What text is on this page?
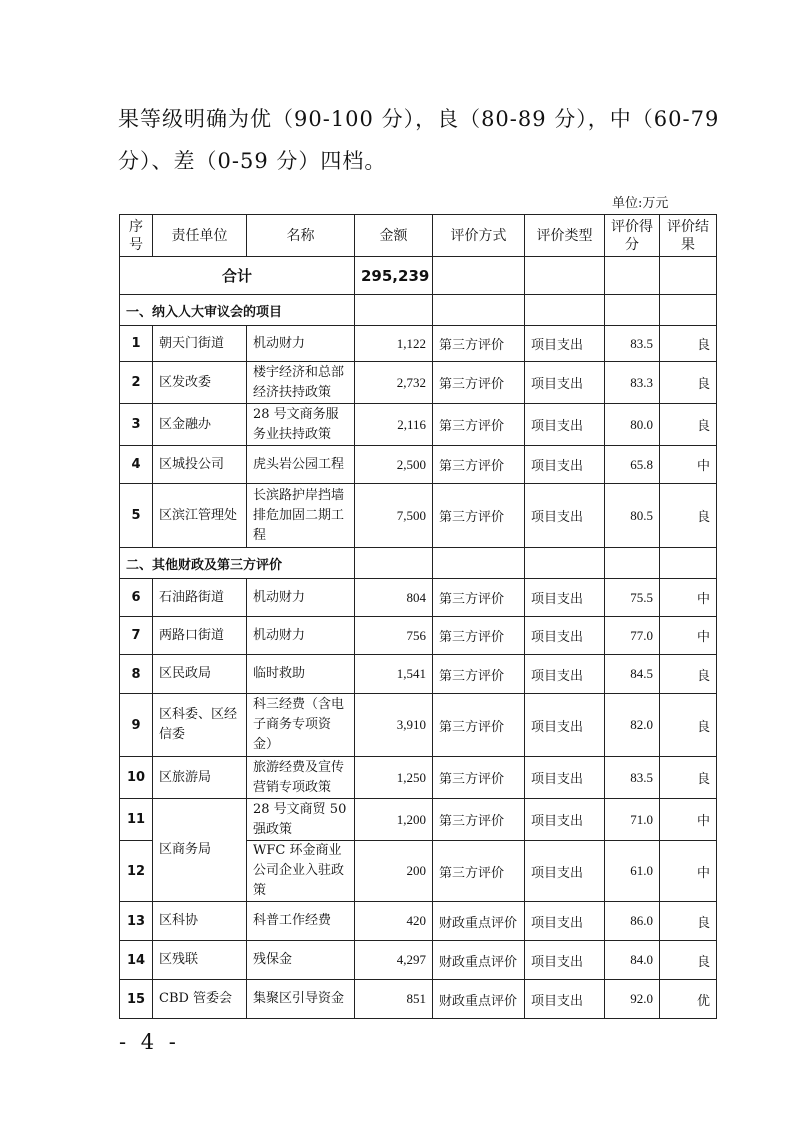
果等级明确为优（90-100 分），良（80-89 分），中（60-79
分）、差（0-59 分）四档。
单位:万元
序号	责任单位	名称	金额	评价方式	评价类型	评价得分	评价结果
合计			295,239				
一、纳入人大审议会的项目							
1	朝天门街道	机动财力	1,122	第三方评价	项目支出	83.5	良
2	区发改委	楼宇经济和总部经济扶持政策	2,732	第三方评价	项目支出	83.3	良
3	区金融办	28 号文商务服务业扶持政策	2,116	第三方评价	项目支出	80.0	良
4	区城投公司	虎头岩公园工程	2,500	第三方评价	项目支出	65.8	中
5	区滨江管理处	长滨路护岸挡墙排危加固二期工程	7,500	第三方评价	项目支出	80.5	良
二、其他财政及第三方评价							
6	石油路街道	机动财力	804	第三方评价	项目支出	75.5	中
7	两路口街道	机动财力	756	第三方评价	项目支出	77.0	中
8	区民政局	临时救助	1,541	第三方评价	项目支出	84.5	良
9	区科委、区经信委	科三经费（含电子商务专项资金）	3,910	第三方评价	项目支出	82.0	良
10	区旅游局	旅游经费及宣传营销专项政策	1,250	第三方评价	项目支出	83.5	良
11	区商务局	28 号文商贸 50 强政策	1,200	第三方评价	项目支出	71.0	中
12		WFC 环金商业公司企业入驻政策	200	第三方评价	项目支出	61.0	中
13	区科协	科普工作经费	420	财政重点评价	项目支出	86.0	良
14	区残联	残保金	4,297	财政重点评价	项目支出	84.0	良
15	CBD 管委会	集聚区引导资金	851	财政重点评价	项目支出	92.0	优
- 4 -
